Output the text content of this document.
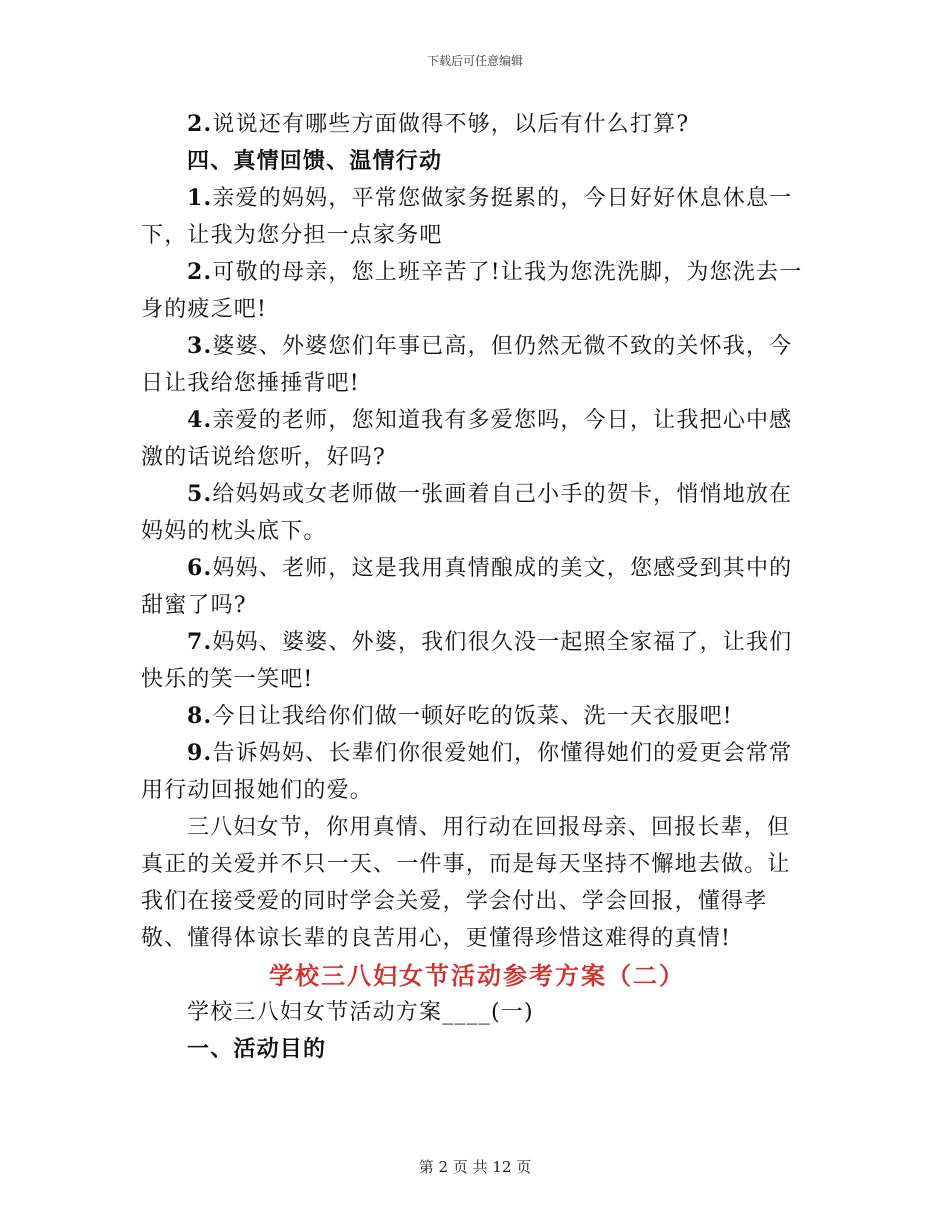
下载后可任意编辑

2.说说还有哪些方面做得不够，以后有什么打算?

四、真情回馈、温情行动

1.亲爱的妈妈，平常您做家务挺累的，今日好好休息休息一下，让我为您分担一点家务吧

2.可敬的母亲，您上班辛苦了!让我为您洗洗脚，为您洗去一身的疲乏吧!

3.婆婆、外婆您们年事已高，但仍然无微不致的关怀我，今日让我给您捶捶背吧!

4.亲爱的老师，您知道我有多爱您吗，今日，让我把心中感激的话说给您听，好吗?

5.给妈妈或女老师做一张画着自己小手的贺卡，悄悄地放在妈妈的枕头底下。

6.妈妈、老师，这是我用真情酿成的美文，您感受到其中的甜蜜了吗?

7.妈妈、婆婆、外婆，我们很久没一起照全家福了，让我们快乐的笑一笑吧!

8.今日让我给你们做一顿好吃的饭菜、洗一天衣服吧!

9.告诉妈妈、长辈们你很爱她们，你懂得她们的爱更会常常用行动回报她们的爱。

三八妇女节，你用真情、用行动在回报母亲、回报长辈，但真正的关爱并不只一天、一件事，而是每天坚持不懈地去做。让我们在接受爱的同时学会关爱，学会付出、学会回报，懂得孝敬、懂得体谅长辈的良苦用心，更懂得珍惜这难得的真情!

学校三八妇女节活动参考方案（二）

学校三八妇女节活动方案____(一)

一、活动目的

第 2 页 共 12 页
